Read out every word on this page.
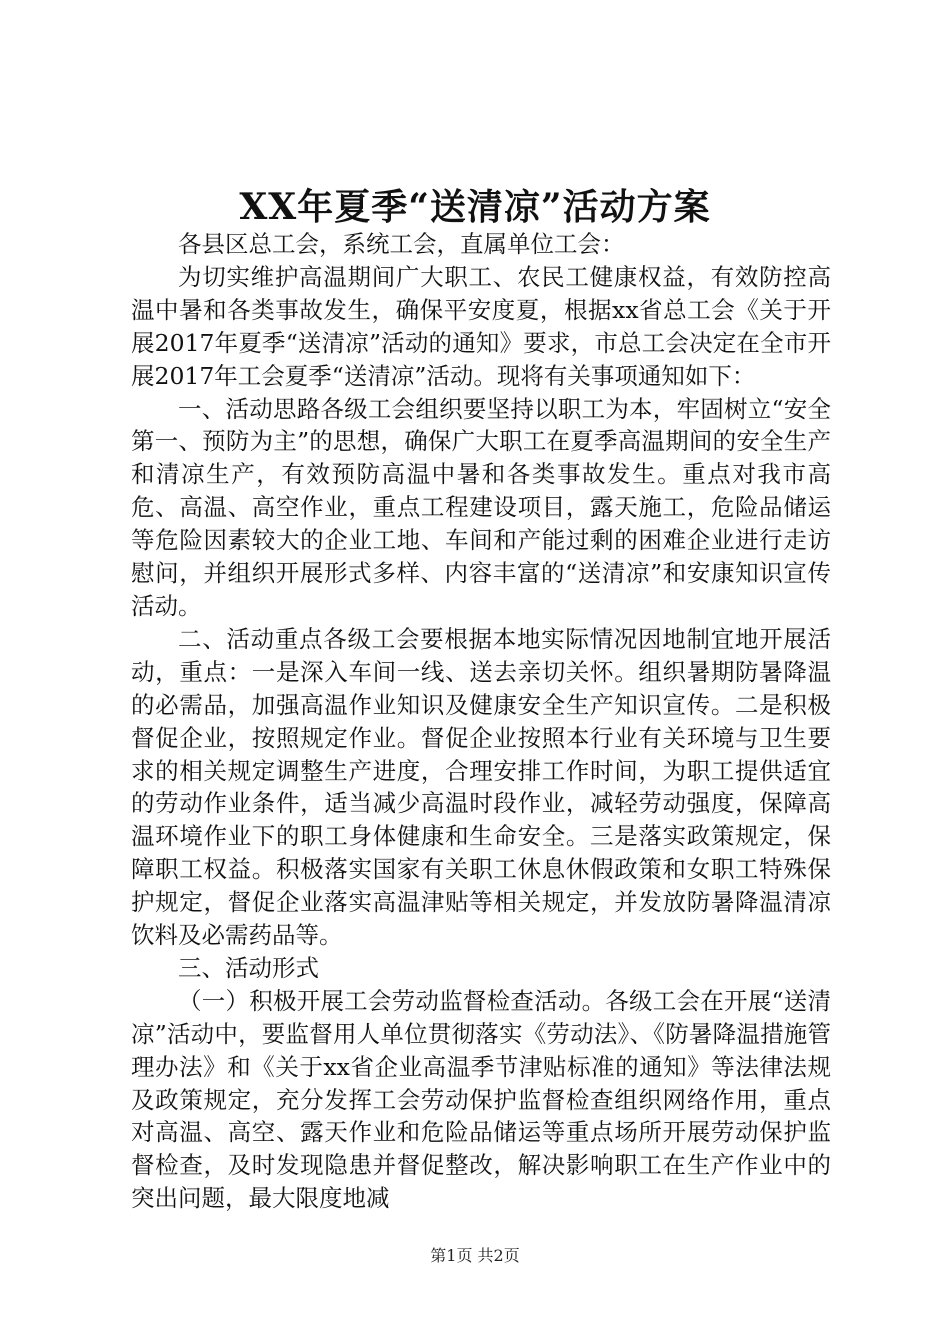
XX年夏季“送清凉”活动方案

各县区总工会，系统工会，直属单位工会：

为切实维护高温期间广大职工、农民工健康权益，有效防控高温中暑和各类事故发生，确保平安度夏，根据xx省总工会《关于开展2017年夏季“送清凉”活动的通知》要求，市总工会决定在全市开展2017年工会夏季“送清凉”活动。现将有关事项通知如下：

一、活动思路各级工会组织要坚持以职工为本，牢固树立“安全第一、预防为主”的思想，确保广大职工在夏季高温期间的安全生产和清凉生产，有效预防高温中暑和各类事故发生。重点对我市高危、高温、高空作业，重点工程建设项目，露天施工，危险品储运等危险因素较大的企业工地、车间和产能过剩的困难企业进行走访慰问，并组织开展形式多样、内容丰富的“送清凉”和安康知识宣传活动。

二、活动重点各级工会要根据本地实际情况因地制宜地开展活动，重点：一是深入车间一线、送去亲切关怀。组织暑期防暑降温的必需品，加强高温作业知识及健康安全生产知识宣传。二是积极督促企业，按照规定作业。督促企业按照本行业有关环境与卫生要求的相关规定调整生产进度，合理安排工作时间，为职工提供适宜的劳动作业条件，适当减少高温时段作业，减轻劳动强度，保障高温环境作业下的职工身体健康和生命安全。三是落实政策规定，保障职工权益。积极落实国家有关职工休息休假政策和女职工特殊保护规定，督促企业落实高温津贴等相关规定，并发放防暑降温清凉饮料及必需药品等。

三、活动形式

（一）积极开展工会劳动监督检查活动。各级工会在开展“送清凉”活动中，要监督用人单位贯彻落实《劳动法》、《防暑降温措施管理办法》和《关于xx省企业高温季节津贴标准的通知》等法律法规及政策规定，充分发挥工会劳动保护监督检查组织网络作用，重点对高温、高空、露天作业和危险品储运等重点场所开展劳动保护监督检查，及时发现隐患并督促整改，解决影响职工在生产作业中的突出问题，最大限度地减

第1页 共2页
